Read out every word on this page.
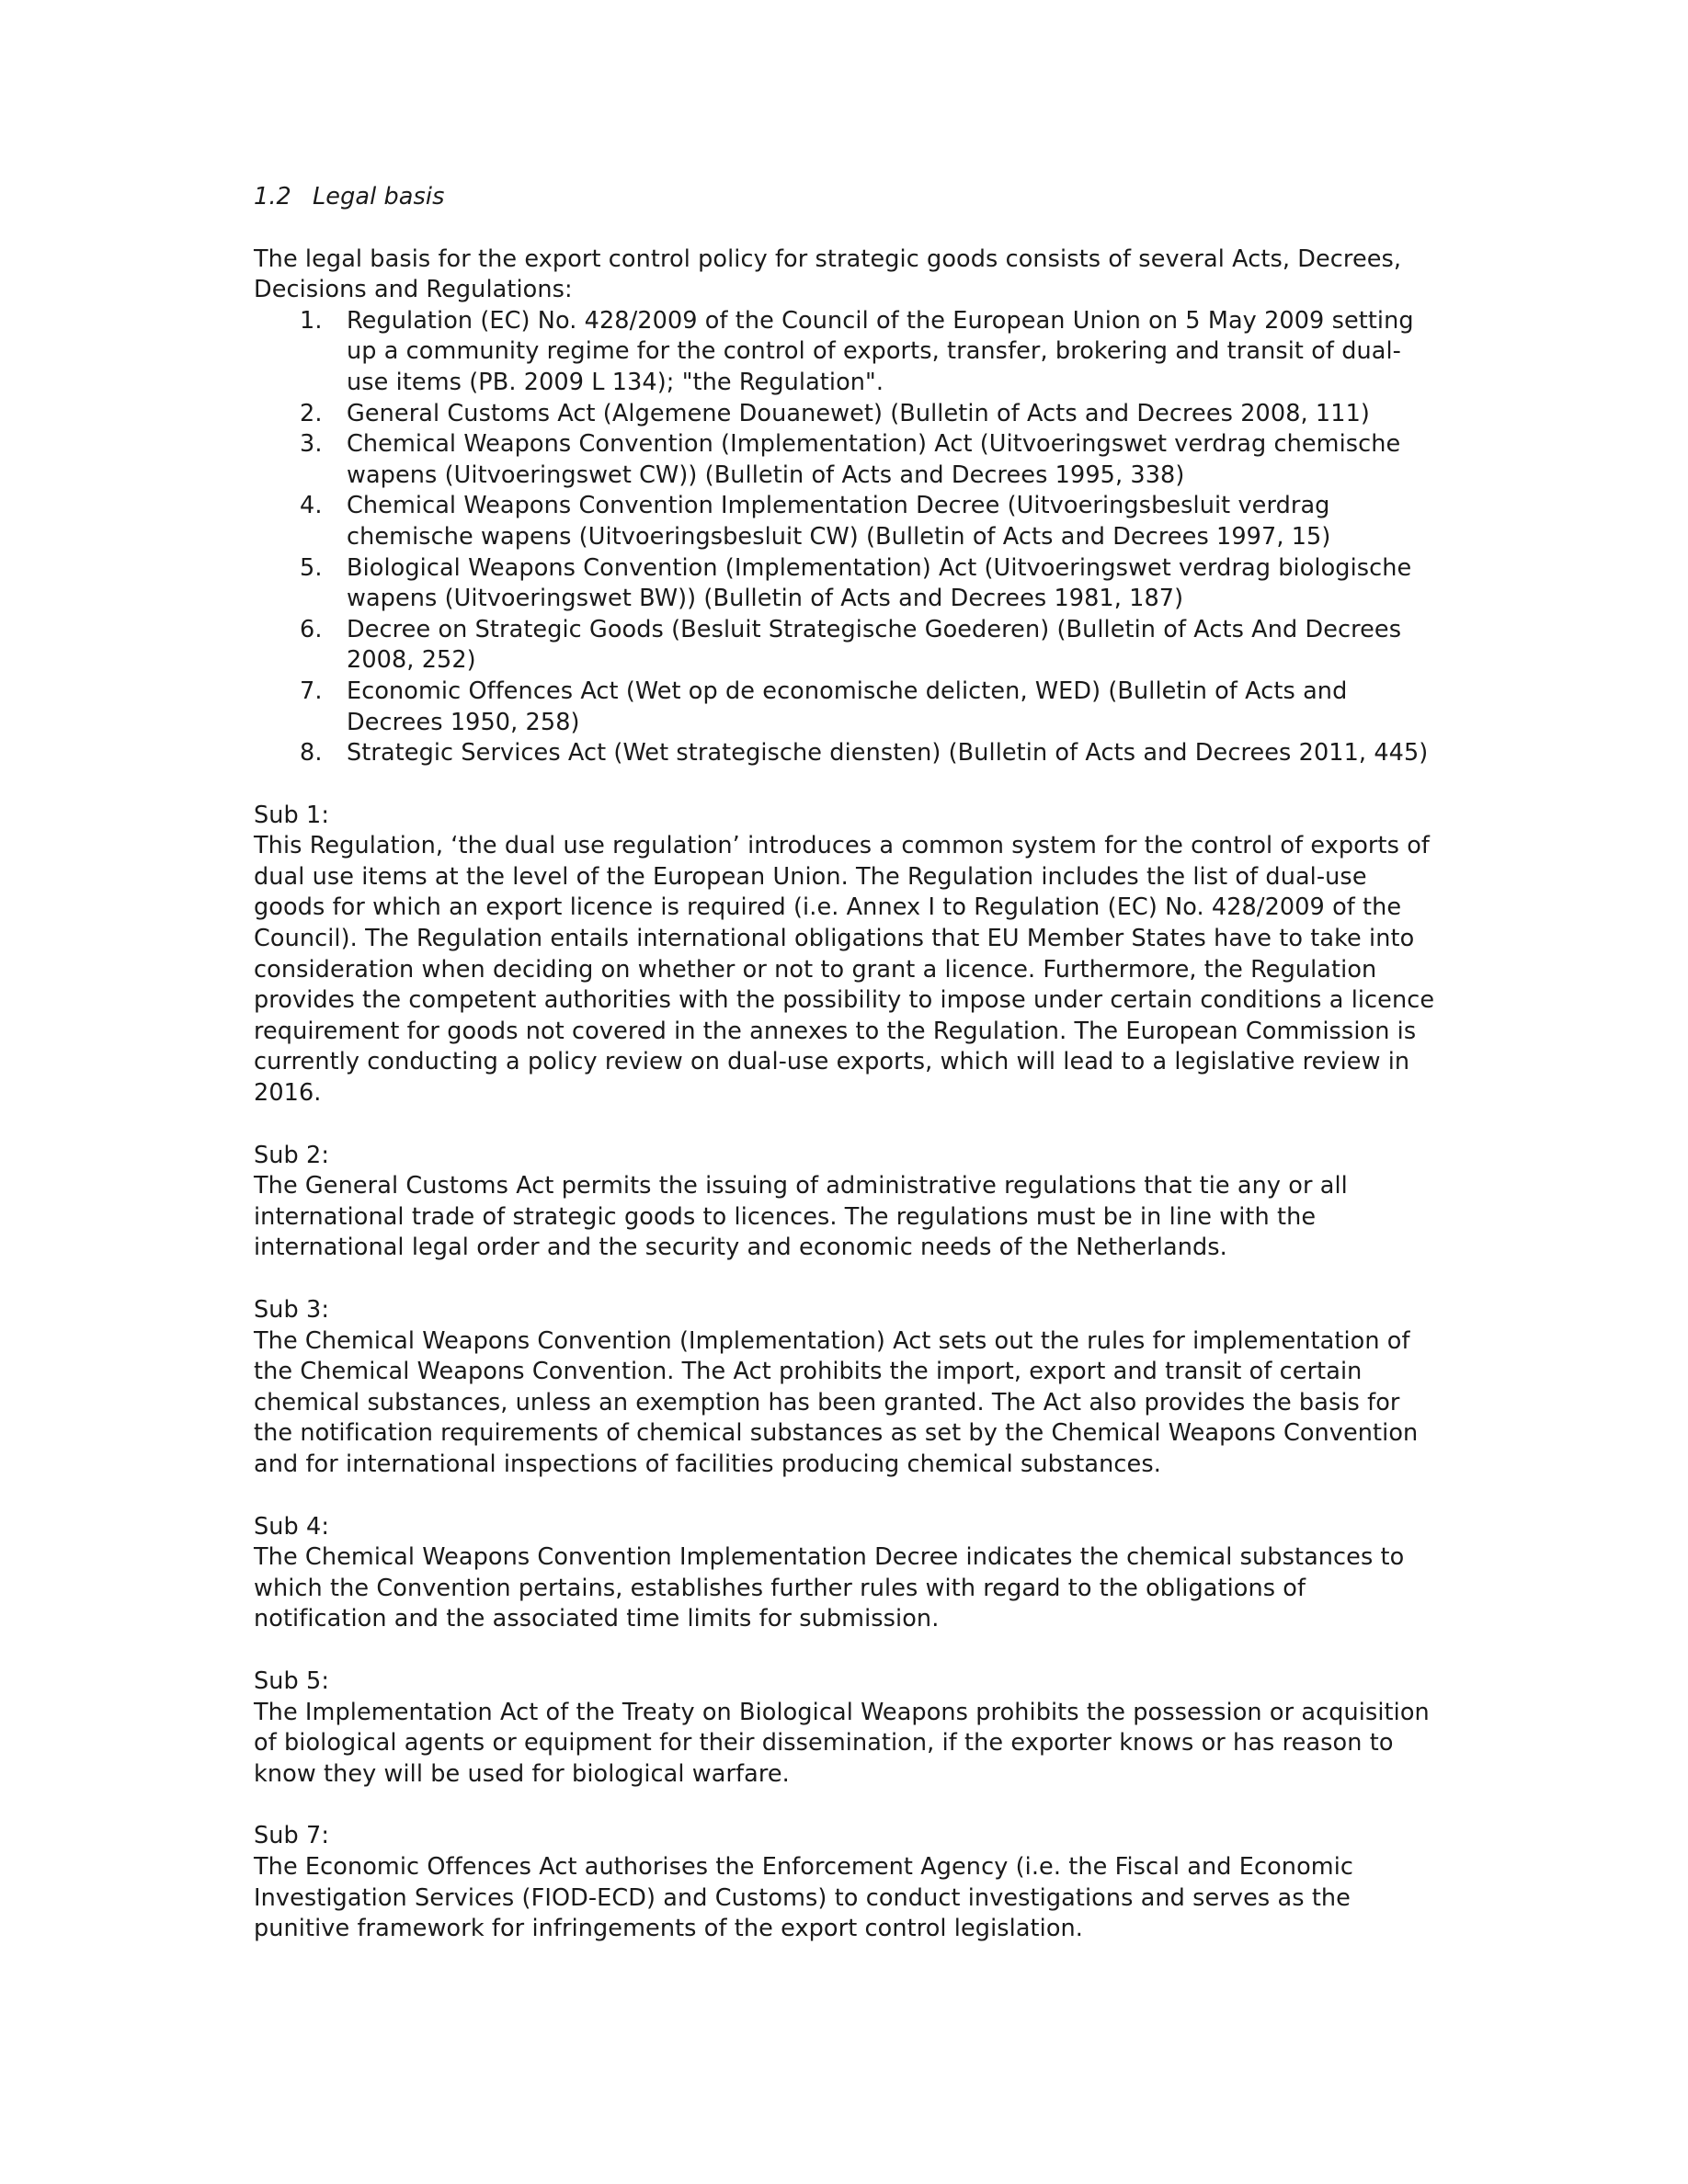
1.2 Legal basis

The legal basis for the export control policy for strategic goods consists of several Acts, Decrees, Decisions and Regulations:

1. Regulation (EC) No. 428/2009 of the Council of the European Union on 5 May 2009 setting up a community regime for the control of exports, transfer, brokering and transit of dual-use items (PB. 2009 L 134); "the Regulation".
2. General Customs Act (Algemene Douanewet) (Bulletin of Acts and Decrees 2008, 111)
3. Chemical Weapons Convention (Implementation) Act (Uitvoeringswet verdrag chemische wapens (Uitvoeringswet CW)) (Bulletin of Acts and Decrees 1995, 338)
4. Chemical Weapons Convention Implementation Decree (Uitvoeringsbesluit verdrag chemische wapens (Uitvoeringsbesluit CW) (Bulletin of Acts and Decrees 1997, 15)
5. Biological Weapons Convention (Implementation) Act (Uitvoeringswet verdrag biologische wapens (Uitvoeringswet BW)) (Bulletin of Acts and Decrees 1981, 187)
6. Decree on Strategic Goods (Besluit Strategische Goederen) (Bulletin of Acts And Decrees 2008, 252)
7. Economic Offences Act (Wet op de economische delicten, WED) (Bulletin of Acts and Decrees 1950, 258)
8. Strategic Services Act (Wet strategische diensten) (Bulletin of Acts and Decrees 2011, 445)

Sub 1:

This Regulation, ‘the dual use regulation’ introduces a common system for the control of exports of dual use items at the level of the European Union. The Regulation includes the list of dual-use goods for which an export licence is required (i.e. Annex I to Regulation (EC) No. 428/2009 of the Council). The Regulation entails international obligations that EU Member States have to take into consideration when deciding on whether or not to grant a licence. Furthermore, the Regulation provides the competent authorities with the possibility to impose under certain conditions a licence requirement for goods not covered in the annexes to the Regulation. The European Commission is currently conducting a policy review on dual-use exports, which will lead to a legislative review in 2016.

Sub 2:

The General Customs Act permits the issuing of administrative regulations that tie any or all international trade of strategic goods to licences. The regulations must be in line with the international legal order and the security and economic needs of the Netherlands.

Sub 3:

The Chemical Weapons Convention (Implementation) Act sets out the rules for implementation of the Chemical Weapons Convention. The Act prohibits the import, export and transit of certain chemical substances, unless an exemption has been granted. The Act also provides the basis for the notification requirements of chemical substances as set by the Chemical Weapons Convention and for international inspections of facilities producing chemical substances.

Sub 4:

The Chemical Weapons Convention Implementation Decree indicates the chemical substances to which the Convention pertains, establishes further rules with regard to the obligations of notification and the associated time limits for submission.

Sub 5:

The Implementation Act of the Treaty on Biological Weapons prohibits the possession or acquisition of biological agents or equipment for their dissemination, if the exporter knows or has reason to know they will be used for biological warfare.

Sub 7:

The Economic Offences Act authorises the Enforcement Agency (i.e. the Fiscal and Economic Investigation Services (FIOD-ECD) and Customs) to conduct investigations and serves as the punitive framework for infringements of the export control legislation.
